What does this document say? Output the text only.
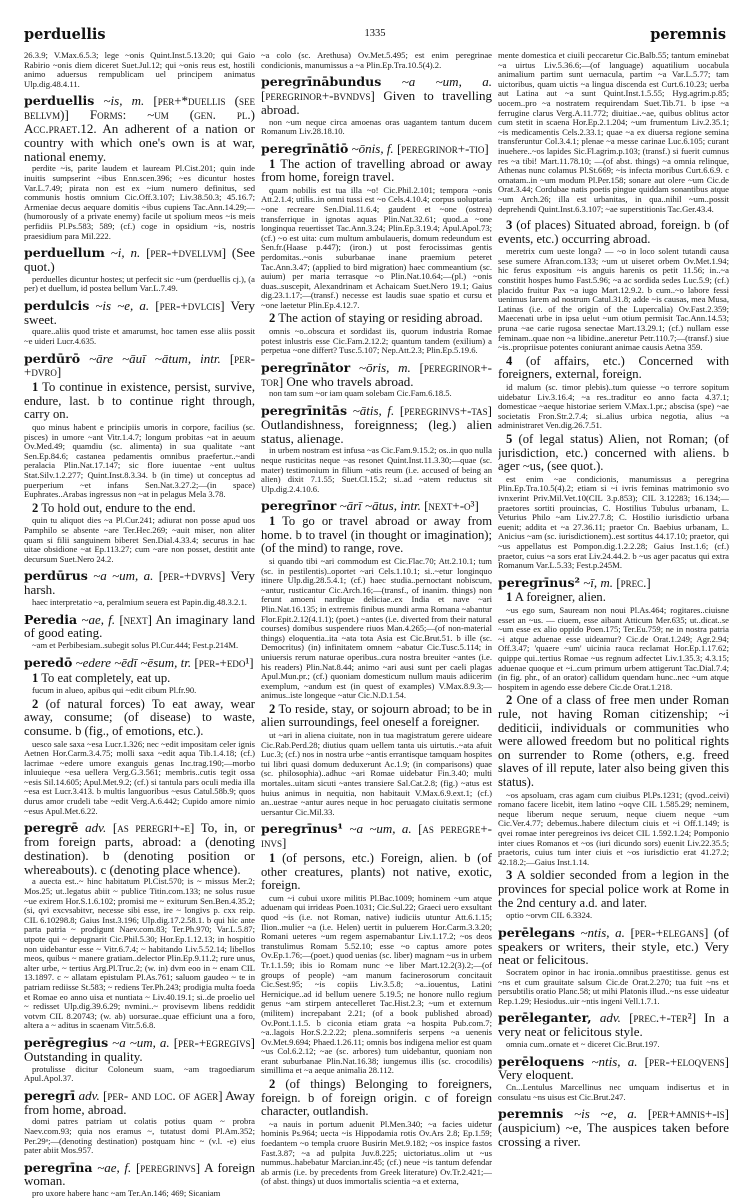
perduellis	1335	peremnis
26.3.9; V.Max.6.5.3; lege ~onis Quint.Inst.5.13.20; qui Gaio Rabirio ~onis diem diceret Suet.Jul.12; qui ~onis reus est, hostili animo aduersus rempublicam uel principem animatus Ulp.dig.48.4.11.
perduellis ~is, m. [per+*duellis (see bellvm)] Forms: ~um (gen. pl.) Acc.praet.12. An adherent of a nation or country with which one's own is at war, national enemy.
perdite ~is, parite laudem et lauream Pl.Cist.201; quin inde inuitis sumpserint ~ibus Enn.scen.396; ~es dicuntur hostes Var.L.7.49; pirata non est ex ~ium numero definitus, sed communis hostis omnium Cic.Off.3.107; Liv.38.50.3; 45.16.7; Armeniae decus aequare domitis ~ibus cupiens Tac.Ann.14.29;—(humorously of a private enemy) facile ut spolium meos ~is meis perfidiis Pl.Ps.583; 589; (cf.) coge in opsidium ~is, nostris praesidium para Mil.222.
perduellum ~i, n. [per-+dvellvm] (See quot.)
perduelles dicuntur hostes; ut perfecit sic ~um (perduellis cj.), (a per) et duellum, id postea bellum Var.L.7.49.
perdulcis ~is ~e, a. [per-+dvlcis] Very sweet.
quare..aliis quod triste et amarumst, hoc tamen esse aliis possit ~e uideri Lucr.4.635.
perdūrō ~āre ~āuī ~ātum, intr. [per-+dvro]
1 To continue in existence, persist, survive, endure, last. b to continue right through, carry on.
quo minus habent e principiis umoris in corpore, facilius (sc. pisces) in umore ~ant Vitr.1.4.7; longum probitas ~at in aeuum Ov.Med.49; quamdiu (sc. alimenta) in sua qualitate ~ant Sen.Ep.84.6; castanea pedamentis omnibus praefertur..~andi peralacia Plin.Nat.17.147; sic flore iuuentae ~ent uultus Stat.Silv.1.2.277; Quint.Inst.8.3.34. b (in time) ut conceptus ad puerperium ~et infans Sen.Nat.3.27.2;—(in space) Euphrates..Arabas ingressus non ~at in pelagus Mela 3.78.
2 To hold out, endure to the end.
quin tu aliquot dies ~a Pl.Cur.241; adiurat non posse apud uos Pamphilo se absente ~are Ter.Hec.269; ~auit miser, non aliter quam si filii sanguinem biberet Sen.Dial.4.33.4; securus in hac uitae obsidione ~at Ep.113.27; cum ~are non posset, destitit ante decursum Suet.Nero 24.2.
perdūrus ~a ~um, a. [per-+dvrvs] Very harsh.
haec interpretatio ~a, peralmium seuera est Papin.dig.48.3.2.1.
Peredia ~ae, f. [next] An imaginary land of good eating.
~am et Perbibesiam..subegit solus Pl.Cur.444; Fest.p.214M.
peredō ~edere ~ēdī ~ēsum, tr. [per-+edo¹]
1 To eat completely, eat up.
fucum in alueo, apibus qui ~edit cibum Pl.fr.90.
2 (of natural forces) To eat away, wear away, consume; (of disease) to waste, consume. b (fig., of emotions, etc.).
uesco sale saxa ~esa Lucr.1.326; nec ~edit impositam celer ignis Aetnen Hor.Carm.3.4.75; molli saxa ~edit aqua Tib.1.4.18; (cf.) lacrimae ~edere umore exanguis genas Inc.trag.190;—morbo inluuieque ~esa uellera Verg.G.3.561; membris..cutis tegit ossa ~esis Sil.14.605; Apul.Met.9.2; (cf.) si tantula pars oculi media illa ~esa est Lucr.3.413. b multis languoribus ~esus Catul.58b.9; quos durus amor crudeli tabe ~edit Verg.A.6.442; Cupido amore nimio ~esus Apul.Met.6.22.
peregrē adv. [as peregri+-e] To, in, or from foreign parts, abroad: a (denoting destination). b (denoting position or whereabouts). c (denoting place whence).
a auecta est..~ hinc habitatum Pl.Cist.570; is ~ missus Mer.2; Mos.25; ut..legatus abiit ~ publice Titin.com.133; ne solus rusue ~ue exirem Hor.S.1.6.102; promisi me ~ exiturum Sen.Ben.4.35.2; (si, qvi excvsabitvr, necesse sibi esse, ire ~ longivs p. cxx reip. CIL 6.10298.8; Gaius Inst.3.196; Ulp.dig.17.2.58.1. b qui hic ante parta patria ~ prodigunt Naev.com.83; Ter.Ph.970; Var.L.5.87; utpote qui ~ depugnarit Cic.Phil.5.30; Hor.Ep.1.12.13; in hospitio non uidebantur esse ~ Vitr.6.7.4; ~ habitando Liv.5.52.14; libellos meos, quibus ~ manere gratiam..delector Plin.Ep.9.11.2; rure unus, alter urbe, ~ tertius Arg.Pl.Truc.2; (w. in) dvm eoo in ~ enam CIL 13.1897. c ~ allatam epistulam Pl.As.761; saluom gaudeo ~ te in patriam rediisse St.583; ~ rediens Ter.Ph.243; prodigia multa foeda et Romae eo anno uisa et nuntiata ~ Liv.40.19.1; si..de proelio uel ~ redisset Ulp.dig.39.6.29; nvmini..~ provisevm libens reddidit votvm CIL 8.20743; (w. ab) uorsurae..quae efficiunt una a foro, altera a ~ aditus in scaenam Vitr.5.6.8.
perēgregius ~a ~um, a. [per-+egregivs] Outstanding in quality.
protulisse dicitur Coloneum suam, ~am tragoediarum Apul.Apol.37.
peregrī adv. [per- and loc. of ager] Away from home, abroad.
domi patres patriam ut colatis potius quam ~ probra Naev.com.93; quia nos eramus ~, tutatust domi Pl.Am.352; Per.29ᵃ;—(denoting destination) postquam hinc ~ (v.l. -e) eius pater abiit Mos.957.
peregrīna ~ae, f. [peregrinvs] A foreign woman.
pro uxore habere hanc ~am Ter.An.146; 469; Sicaniam
~a colo (sc. Arethusa) Ov.Met.5.495; est enim peregrinae condicionis, manumissus a ~a Plin.Ep.Tra.10.5(4).2.
peregrīnābundus ~a ~um, a. [peregrinor+-bvndvs] Given to travelling abroad.
non ~um neque circa amoenas oras uagantem tantum ducem Romanum Liv.28.18.10.
peregrīnātiō ~ōnis, f. [peregrinor+-tio]
1 The action of travelling abroad or away from home, foreign travel.
quam nobilis est tua illa ~o! Cic.Phil.2.101; tempora ~onis Att.2.1.4; utilis..in omni tussi est ~o Cels.4.10.4; corpus uoluptaria ~one recreare Sen.Dial.11.6.4; gaudent et ~one (ostrea) transferrique in ignotas aquas Plin.Nat.32.61; quod..a ~one longinqua reuertisset Tac.Ann.3.24; Plin.Ep.3.19.4; Apul.Apol.73; (cf.) ~o est uita: cum multum ambulaueris, domum redeundum est Sen.fr.(Haase p.447); (iron.) ut post ferocissimas gentis perdomitas..~onis suburbanae inane praemium peteret Tac.Ann.3.47; (applied to bird migration) haec commeantium (sc. auium) per maria terrasque ~o Plin.Nat.10.64;—(pl.) ~onis duas..suscepit, Alexandrinam et Achaicam Suet.Nero 19.1; Gaius dig.23.1.17;—(transf.) necesse est laudis suae spatio et cursu et ~one laetetur Plin.Ep.4.12.7.
2 The action of staying or residing abroad.
omnis ~o..obscura et sordidast iis, quorum industria Romae potest inlustris esse Cic.Fam.2.12.2; quantum tandem (exilium) a perpetua ~one differt? Tusc.5.107; Nep.Att.2.3; Plin.Ep.5.19.6.
peregrīnātor ~ōris, m. [peregrinor+-tor] One who travels abroad.
non tam sum ~or iam quam solebam Cic.Fam.6.18.5.
peregrīnitās ~ātis, f. [peregrinvs+-tas] Outlandishness, foreignness; (leg.) alien status, alienage.
in urbem nostram est infusa ~as Cic.Fam.9.15.2; os..in quo nulla neque rusticitas neque ~as resonet Quint.Inst.11.3.30;—quae (sc. mater) testimonium in filium ~atis reum (i.e. accused of being an alien) dixit 7.1.55; Suet.Cl.15.2; si..ad ~atem reductus sit Ulp.dig.2.4.10.6.
peregrīnor ~ārī ~ātus, intr. [next+-o³]
1 To go or travel abroad or away from home. b to travel (in thought or imagination); (of the mind) to range, rove.
si quando tibi ~ari commodum est Cic.Flac.70; Att.2.10.1; tum (sc. in pestilentis)..oportet ~ari Cels.1.10.1; si..~etur longinquo itinere Ulp.dig.28.5.4.1; (cf.) haec studia..pernoctant nobiscum, ~antur, rusticantur Cic.Arch.16;—(transf., of inanim. things) non ferunt amoeni nardique deliciae..ex India et nave ~ari Plin.Nat.16.135; in extremis finibus mundi arma Romana ~abantur Flor.Epit.2.12(4.1.1); (poet.) ~antes (i.e. diverted from their natural courses) domibus suspendere riuos Man.4.265;—(of non-material things) eloquentia..ita ~ata tota Asia est Cic.Brut.51. b ille (sc. Democritus) (in) infinitatem omnem ~abatur Cic.Tusc.5.114; in uniuersis rerum naturae operibus..cura nostra breuiter ~antes (i.e. his readers) Plin.Nat.8.44; animo ~ari ausi sunt per caeli plagas Apul.Mun.pr.; (cf.) quoniam domesticum nullum mauis adiicerim exemplum, ~andum est (in quest of examples) V.Max.8.9.3;—animus..iste longeque ~atur Cic.N.D.1.54.
2 To reside, stay, or sojourn abroad; to be in alien surroundings, feel oneself a foreigner.
ut ~ari in aliena ciuitate, non in tua magistratum gerere uideare Cic.Rab.Perd.28; diutius quam uellem tanta uis uirtutis..~ata afuit Luc.3; (cf.) nos in nostra urbe ~antis errantisque tamquam hospites tui libri quasi domum deduxerunt Ac.1.9; (in comparisons) quae (sc. philosophia)..adhuc ~ari Romae uidebatur Fin.3.40; multi mortales..uitam sicuti ~antes transiere Sal.Cat.2.8; (fig.) ~atus est huius animus in nequitia, non habitauit V.Max.6.9.ext.1; (cf.) an..uestrae ~antur aures neque in hoc peruagato ciuitatis sermone uersantur Cic.Mil.33.
peregrīnus¹ ~a ~um, a. [as peregre+-invs]
1 (of persons, etc.) Foreign, alien. b (of other creatures, plants) not native, exotic, foreign.
cum ~i cubui uxore militis Pl.Bac.1009; hominem ~um atque aduenam qui irrideas Poen.1031; Cic.Sul.22; Graeci uero exsultant quod ~is (i.e. not Roman, native) iudiciis utuntur Att.6.1.15; Ilion..mulier ~a (i.e. Helen) uertit in puluerem Hor.Carm.3.3.20; Romani ueteres ~um regem aspernabantur Liv.1.17.2; ~os deos transtulimus Romam 5.52.10; esse ~o captus amore potes Ov.Ep.1.76;—(poet.) quod uenias (sc. liber) magnam ~us in urbem Tr.1.1.59; ibis io Romam nunc ~e liber Mart.12.2(3).2;—(of groups of people) ~am manum facinerosorum concitauit Cic.Sest.95; ~is copiis Liv.3.5.8; ~a..iouentus, Latini Hernicique..ad id bellum uenere 5.19.5; ne honore nullo regium genus ~am stirpem antecelleret Tac.Hist.2.3; ~um et externum (militem) increpabant 2.21; (of a book published abroad) Ov.Pont.1.1.5. b ciconia etiam grata ~a hospita Pub.com.7; ~a..lagois Hor.S.2.2.22; plena..somniferis serpens ~a uenenis Ov.Met.9.694; Phaed.1.26.11; omnis bos indigena melior est quam ~us Col.6.2.12; ~ae (sc. arbores) tum uidebantur, quoniam non erant suburbanae Plin.Nat.16.38; iungemus illis (sc. crocodilis) simillima et ~a aeque animalia 28.112.
2 (of things) Belonging to foreigners, foreign. b of foreign origin. c of foreign character, outlandish.
~a nauis in portum aduenit Pl.Men.340; ~a facies uidetur hominis Ps.964; uecta ~is Hippodamia rotis Ov.Ars 2.8; Ep.1.59; foedantem ~o templa cruore Busirin Met.9.182; ~os inspice fastos Fast.3.87; ~a ad pulpita Juv.8.225; uictoriatus..olim ut ~us nummus..habebatur Marcian.inr.45; (cf.) neue ~is tantum defendar ab armis (i.e. by precedents from Greek literature) Ov.Tr.2.421;—(of abst. things) ut duos immortalis scientia ~a et externa,
mente domestica et ciuili peccaretur Cic.Balb.55; tantum eminebat ~a uirtus Liv.5.36.6;—(of language) aquatilium uocabula animalium partim sunt uernacula, partim ~a Var.L.5.77; tam uictoribus, quam uictis ~a lingua discenda est Curt.6.10.23; uerba aut Latina aut ~a sunt Quint.Inst.1.5.55; Hyg.agrim.p.85; uocem..pro ~a nostratem requirendam Suet.Tib.71. b ipse ~a ferrugine clarus Verg.A.11.772; diuitiae..~ae, quibus oblitus actor cum stetit in scaena Hor.Ep.2.1.204; ~um frumentum Liv.2.35.1; ~is medicamentis Cels.2.33.1; quae ~a ex diuersa regione semina transferuntur Col.3.4.1; plenae ~a messe carinae Luc.6.105; curant inuehere..~os lapides Sic.Fl.agrim.p.103; (transf.) si fuerit cumnus res ~a tibi! Mart.11.78.10; —(of abst. things) ~a omnia relinque, Athenas nunc colamus Pl.St.669; ~is infecta moribus Curt.6.6.9. c ornatam..in ~um modum Pl.Per.158; sonare aut olere ~um Cic.de Orat.3.44; Cordubae natis poetis pingue quiddam sonantibus atque ~um Arch.26; illa est urbanitas, in qua..nihil ~um..possit deprehendi Quint.Inst.6.3.107; ~ae superstitionis Tac.Ger.43.4.
3 (of places) Situated abroad, foreign. b (of events, etc.) occurring abroad.
meretrix cum ueste longa? — ~o in loco solent tutandi causa sese sumere Afran.com.133; ~um ut uiseret orbem Ov.Met.1.94; hic ferus expositum ~is anguis harenis os petit 11.56; in..~a constitit hospes humo Fast.5.96; ~a ac sordida sedes Luc.5.9; (cf.) placido fruitur Pax ~a iugo Mart.12.9.2. b cum..~o labore fessi uenimus larem ad nostrum Catul.31.8; adde ~is causas, mea Musa, Latinas (i.e. of the origin of the Lupercalia) Ov.Fast.2.359; Maecenati urbe in ipsa uelut ~um otium permisit Tac.Ann.14.53; pruna ~ae carie rugosa senectae Mart.13.29.1; (cf.) nullam esse feminam..quae non ~a libidine..aneretur Petr.110.7;—(transf.) siue ~is..propriisue potentes coniurant animae causis Aetna 359.
4 (of affairs, etc.) Concerned with foreigners, external, foreign.
id malum (sc. timor plebis)..tum quiesse ~o terrore sopitum uidebatur Liv.3.16.4; ~a res..traditur eo anno facta 4.37.1; domesticae ~aeque historiae seriem V.Max.1.pr.; abscisa (spe) ~ae societatis Fron.Str.2.7.4; si..alius urbica negotia, alius ~a administraret Ven.dig.26.7.51.
5 (of legal status) Alien, not Roman; (of jurisdiction, etc.) concerned with aliens. b ager ~us, (see quot.).
est enim ~ae condicionis, manumissus a peregrina Plin.Ep.Tra.10.5(4).2; etiam si ~i ivris feminas matrimonio svo ivnxerint Priv.Mil.Vet.10(CIL 3.p.853); CIL 3.12283; 16.134;—praetores sortiti prouincias, C. Hostilius Tubulus urbanam, L. Veturius Philo ~am Liv.27.7.8; C. Hostilio iurisdictio urbana euenit; addita et ~a 27.36.11; praetor Cn. Baebius urbanam, L. Anicius ~am (sc. iurisdictionem)..est sortitus 44.17.10; praetor, qui ~us appellatus est Pompon.dig.1.2.2.28; Gaius Inst.1.6; (cf.) praetor, cuius ~a sors erat Liv.24.44.2. b ~us ager pacatus qui extra Romanum Var.L.5.33; Fest.p.245M.
peregrīnus² ~ī, m. [prec.]
1 A foreigner, alien.
~us ego sum, Sauream non noui Pl.As.464; rogitares..ciuisne esset an ~us. — ciuem, esse aibant Atticum Mer.635; ut..dicat..se ~um esse ex alio oppido Poen.175; Ter.Eu.759; ne in nostra patria ~i atque aduenae esse uideamur? Cic.de Orat.1.249; Agr.2.94; Off.3.47; 'quaere ~um' uicinia rauca reclamat Hor.Ep.1.17.62; quippe qui..tertius Romae ~us regnum adfectet Liv.1.35.3; 4.3.15; aduenae quoque et ~i..cum primum urbem attigerunt Tac.Dial.7.4; (in fig. phr., of an orator) callidum quendam hunc..nec ~um atque hospitem in agendo esse debere Cic.de Orat.1.218.
2 One of a class of free men under Roman rule, not having Roman citizenship; ~i dediticii, individuals or communities who were allowed freedom but no political rights on surrender to Rome (others, e.g. freed slaves of ill repute, later also being given this status).
~os apsoluam, cras agam cum ciuibus Pl.Ps.1231; (qvod..ceivi) romano facere licebit, item latino ~oqve CIL 1.585.29; neminem, neque liberum neque seruum, neque ciuem neque ~um Cic.Ver.4.77; debemus..habere dilectum ciuis et ~i Off.1.149; is qvei romae inter peregreinos ivs deicet CIL 1.592.1.24; Pomponio inter ciues Romanos et ~os (iuri dicundo sors) euenit Liv.22.35.5; praetoris, cuius tum inter ciuis et ~os iurisdictio erat 41.27.2; 42.18.2;—Gaius Inst.1.14.
3 A soldier seconded from a legion in the provinces for special police work at Rome in the 2nd century a.d. and later.
optio ~orvm CIL 6.3324.
perēlegans ~ntis, a. [per-+elegans] (of speakers or writers, their style, etc.) Very neat or felicitous.
Socratem opinor in hac ironia..omnibus praestitisse. genus est ~ns et cum grauitate salsum Cic.de Orat.2.270; tua fuit ~ns et persubtilis oratio Planc.58; ut mihi Platonis illud..~ns esse uideatur Rep.1.29; Hesiodus..uir ~ntis ingeni Vell.1.7.1.
perēleganter, adv. [prec.+-ter²] In a very neat or felicitous style.
omnia cum..ornate et ~ diceret Cic.Brut.197.
perēloquens ~ntis, a. [per-+eloqvens] Very eloquent.
Cn...Lentulus Marcellinus nec umquam indisertus et in consulatu ~ns uisus est Cic.Brut.247.
peremnis ~is ~e, a. [per+amnis+-is] (auspicium) ~e, The auspices taken before crossing a river.
